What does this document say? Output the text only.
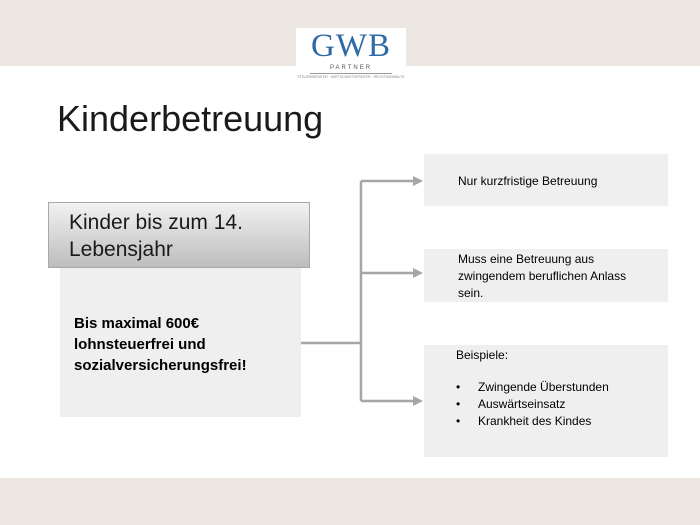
GWB
PARTNER
STEUERBERATER · WIRTSCHAFTSPRÜFER · RECHTSANWÄLTE
Kinderbetreuung
Kinder bis zum 14.
Lebensjahr
Bis maximal 600€
lohnsteuerfrei und
sozialversicherungsfrei!
Nur kurzfristige Betreuung
Muss eine Betreuung aus
zwingendem beruflichen Anlass
sein.
Beispiele:
• Zwingende Überstunden
• Auswärtseinsatz
• Krankheit des Kindes
